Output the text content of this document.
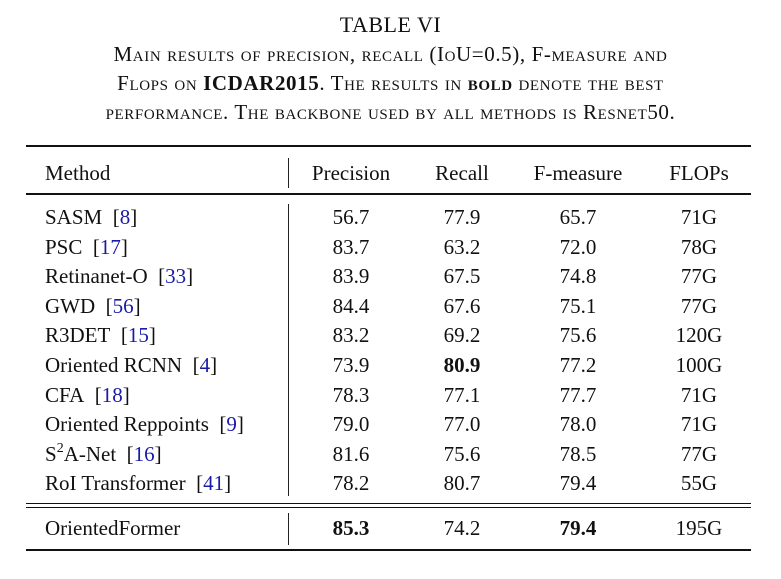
TABLE VI
Main results of precision, recall (IoU=0.5), F-measure and
Flops on ICDAR2015. The results in bold denote the best
performance. The backbone used by all methods is Resnet50.
Method	Precision	Recall	F-measure	FLOPs
SASM  [8]	56.7	77.9	65.7	71G
PSC  [17]	83.7	63.2	72.0	78G
Retinanet-O  [33]	83.9	67.5	74.8	77G
GWD  [56]	84.4	67.6	75.1	77G
R3DET  [15]	83.2	69.2	75.6	120G
Oriented RCNN  [4]	73.9	80.9	77.2	100G
CFA  [18]	78.3	77.1	77.7	71G
Oriented Reppoints  [9]	79.0	77.0	78.0	71G
$S^2A$-Net  [16]	81.6	75.6	78.5	77G
RoI Transformer  [41]	78.2	80.7	79.4	55G
OrientedFormer	85.3	74.2	79.4	195G
